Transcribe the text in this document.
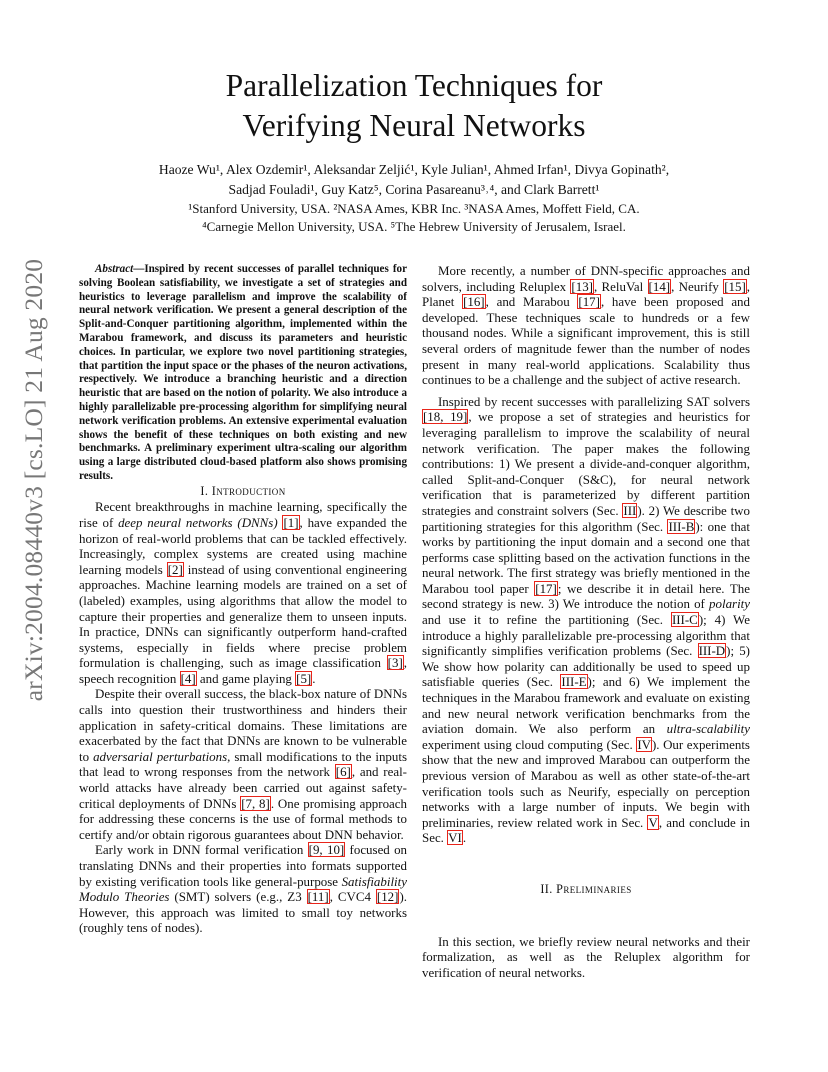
arXiv:2004.08440v3 [cs.LO] 21 Aug 2020
Parallelization Techniques for
Verifying Neural Networks
Haoze Wu¹, Alex Ozdemir¹, Aleksandar Zeljić¹, Kyle Julian¹, Ahmed Irfan¹, Divya Gopinath²,
Sadjad Fouladi¹, Guy Katz⁵, Corina Pasareanu³˒⁴, and Clark Barrett¹
¹Stanford University, USA. ²NASA Ames, KBR Inc. ³NASA Ames, Moffett Field, CA.
⁴Carnegie Mellon University, USA. ⁵The Hebrew University of Jerusalem, Israel.

Abstract—Inspired by recent successes of parallel techniques for solving Boolean satisfiability, we investigate a set of strategies and heuristics to leverage parallelism and improve the scalability of neural network verification. We present a general description of the Split-and-Conquer partitioning algorithm, implemented within the Marabou framework, and discuss its parameters and heuristic choices. In particular, we explore two novel partitioning strategies, that partition the input space or the phases of the neuron activations, respectively. We introduce a branching heuristic and a direction heuristic that are based on the notion of polarity. We also introduce a highly parallelizable pre-processing algorithm for simplifying neural network verification problems. An extensive experimental evaluation shows the benefit of these techniques on both existing and new benchmarks. A preliminary experiment ultra-scaling our algorithm using a large distributed cloud-based platform also shows promising results.

I. Introduction

Recent breakthroughs in machine learning, specifically the rise of deep neural networks (DNNs) [1], have expanded the horizon of real-world problems that can be tackled effectively. Increasingly, complex systems are created using machine learning models [2] instead of using conventional engineering approaches. Machine learning models are trained on a set of (labeled) examples, using algorithms that allow the model to capture their properties and generalize them to unseen inputs. In practice, DNNs can significantly outperform hand-crafted systems, especially in fields where precise problem formulation is challenging, such as image classification [3], speech recognition [4] and game playing [5].

Despite their overall success, the black-box nature of DNNs calls into question their trustworthiness and hinders their application in safety-critical domains. These limitations are exacerbated by the fact that DNNs are known to be vulnerable to adversarial perturbations, small modifications to the inputs that lead to wrong responses from the network [6], and real-world attacks have already been carried out against safety-critical deployments of DNNs [7, 8]. One promising approach for addressing these concerns is the use of formal methods to certify and/or obtain rigorous guarantees about DNN behavior.

Early work in DNN formal verification [9, 10] focused on translating DNNs and their properties into formats supported by existing verification tools like general-purpose Satisfiability Modulo Theories (SMT) solvers (e.g., Z3 [11], CVC4 [12]). However, this approach was limited to small toy networks (roughly tens of nodes).

More recently, a number of DNN-specific approaches and solvers, including Reluplex [13], ReluVal [14], Neurify [15], Planet [16], and Marabou [17], have been proposed and developed. These techniques scale to hundreds or a few thousand nodes. While a significant improvement, this is still several orders of magnitude fewer than the number of nodes present in many real-world applications. Scalability thus continues to be a challenge and the subject of active research.

Inspired by recent successes with parallelizing SAT solvers [18, 19], we propose a set of strategies and heuristics for leveraging parallelism to improve the scalability of neural network verification. The paper makes the following contributions: 1) We present a divide-and-conquer algorithm, called Split-and-Conquer (S&C), for neural network verification that is parameterized by different partition strategies and constraint solvers (Sec. III). 2) We describe two partitioning strategies for this algorithm (Sec. III-B): one that works by partitioning the input domain and a second one that performs case splitting based on the activation functions in the neural network. The first strategy was briefly mentioned in the Marabou tool paper [17]; we describe it in detail here. The second strategy is new. 3) We introduce the notion of polarity and use it to refine the partitioning (Sec. III-C); 4) We introduce a highly parallelizable pre-processing algorithm that significantly simplifies verification problems (Sec. III-D); 5) We show how polarity can additionally be used to speed up satisfiable queries (Sec. III-E); and 6) We implement the techniques in the Marabou framework and evaluate on existing and new neural network verification benchmarks from the aviation domain. We also perform an ultra-scalability experiment using cloud computing (Sec. IV). Our experiments show that the new and improved Marabou can outperform the previous version of Marabou as well as other state-of-the-art verification tools such as Neurify, especially on perception networks with a large number of inputs. We begin with preliminaries, review related work in Sec. V, and conclude in Sec. VI.

II. Preliminaries

In this section, we briefly review neural networks and their formalization, as well as the Reluplex algorithm for verification of neural networks.
